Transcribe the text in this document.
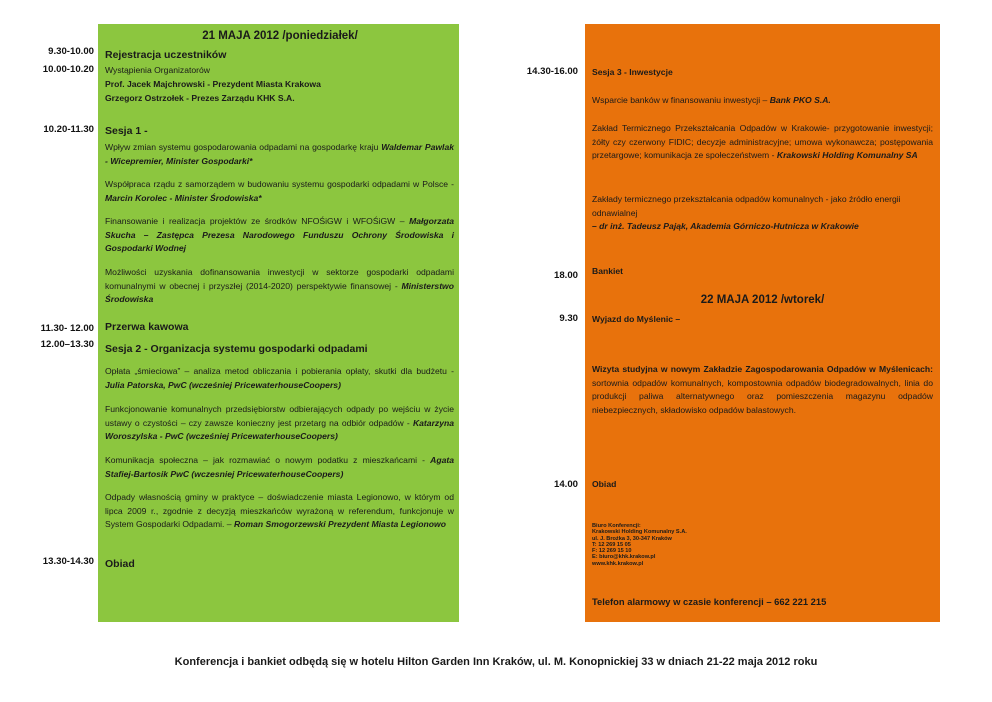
9.30-10.00
10.00-10.20
10.20-11.30
11.30- 12.00
12.00–13.30
13.30-14.30
21 MAJA 2012 /poniedziałek/
Rejestracja uczestników
Wystąpienia Organizatorów
Prof. Jacek Majchrowski - Prezydent Miasta Krakowa
Grzegorz Ostrzołek - Prezes Zarządu KHK S.A.
Sesja 1 -
Wpływ zmian systemu gospodarowania odpadami na gospodarkę kraju Waldemar Pawlak - Wicepremier, Minister Gospodarki*
Współpraca rządu z samorządem w budowaniu systemu gospodarki odpadami w Polsce - Marcin Korolec - Minister Środowiska*
Finansowanie i realizacja projektów ze środków NFOŚiGW i WFOŚiGW – Małgorzata Skucha – Zastępca Prezesa Narodowego Funduszu Ochrony Środowiska i Gospodarki Wodnej
Możliwości uzyskania dofinansowania inwestycji w sektorze gospodarki odpadami komunalnymi w obecnej i przyszłej (2014-2020) perspektywie finansowej - Ministerstwo Środowiska
Przerwa kawowa
Sesja 2 - Organizacja systemu gospodarki odpadami
Opłata „śmieciowa” – analiza metod obliczania i pobierania opłaty, skutki dla budżetu - Julia Patorska, PwC (wcześniej PricewaterhouseCoopers)
Funkcjonowanie komunalnych przedsiębiorstw odbierających odpady po wejściu w życie ustawy o czystości – czy zawsze konieczny jest przetarg na odbiór odpadów - Katarzyna Woroszylska - PwC (wcześniej PricewaterhouseCoopers)
Komunikacja społeczna – jak rozmawiać o nowym podatku z mieszkańcami - Agata Stafiej-Bartosik PwC (wczesniej PricewaterhouseCoopers)
Odpady własnością gminy w praktyce – doświadczenie miasta Legionowo, w którym od lipca 2009 r., zgodnie z decyzją mieszkańców wyrażoną w referendum, funkcjonuje w System Gospodarki Odpadami. – Roman Smogorzewski Prezydent Miasta Legionowo
Obiad
14.30-16.00
18.00
9.30
14.00
Sesja 3 - Inwestycje
Wsparcie banków w finansowaniu inwestycji – Bank PKO S.A.
Zakład Termicznego Przekształcania Odpadów w Krakowie- przygotowanie inwestycji; żółty czy czerwony FIDIC; decyzje administracyjne; umowa wykonawcza; postępowania przetargowe; komunikacja ze społeczeństwem - Krakowski Holding Komunalny SA
Zakłady termicznego przekształcania odpadów komunalnych - jako źródło energii odnawialnej
– dr inż. Tadeusz Pająk, Akademia Górniczo-Hutnicza w Krakowie
Bankiet
22 MAJA 2012 /wtorek/
Wyjazd do Myślenic –
Wizyta studyjna w nowym Zakładzie Zagospodarowania Odpadów w Myślenicach: sortownia odpadów komunalnych, kompostownia odpadów biodegradowalnych, linia do produkcji paliwa alternatywnego oraz pomieszczenia magazynu odpadów niebezpiecznych, składowisko odpadów balastowych.
Obiad
Biuro Konferencji:
Krakowski Holding Komunalny S.A.
ul. J. Brożka 3, 30-347 Kraków
T: 12 269 15 05
F: 12 269 15 10
E: biuro@khk.krakow.pl
www.khk.krakow.pl
Telefon alarmowy w czasie konferencji – 662 221 215
Konferencja i bankiet odbędą się w hotelu Hilton Garden Inn Kraków, ul. M. Konopnickiej 33 w dniach 21-22 maja 2012 roku
